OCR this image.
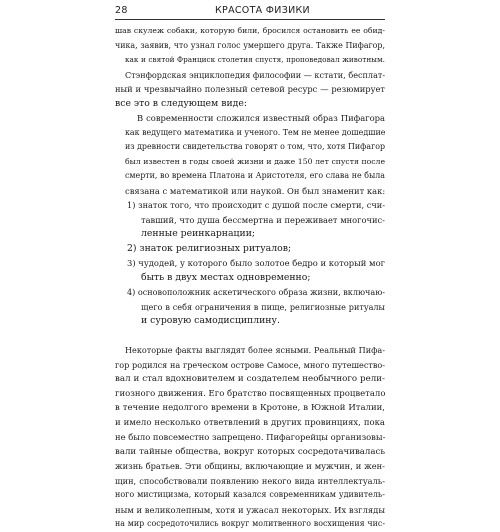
28	КРАСОТА ФИЗИКИ
шав скулеж собаки, которую били, бросился остановить ее обид-
чика, заявив, что узнал голос умершего друга. Также Пифагор,
как и святой Франциск столетия спустя, проповедовал животным.
Стэнфордская энциклопедия философии — кстати, бесплат-
ный и чрезвычайно полезный сетевой ресурс — резюмирует
все это в следующем виде:
В современности сложился известный образ Пифагора
как ведущего математика и ученого. Тем не менее дошедшие
из древности свидетельства говорят о том, что, хотя Пифагор
был известен в годы своей жизни и даже 150 лет спустя после
смерти, во времена Платона и Аристотеля, его слава не была
связана с математикой или наукой. Он был знаменит как:
1) знаток того, что происходит с душой после смерти, счи-
тавший, что душа бессмертна и переживает многочис-
ленные реинкарнации;
2) знаток религиозных ритуалов;
3) чудодей, у которого было золотое бедро и который мог
быть в двух местах одновременно;
4) основоположник аскетического образа жизни, включаю-
щего в себя ограничения в пище, религиозные ритуалы
и суровую самодисциплину.
Некоторые факты выглядят более ясными. Реальный Пифа-
гор родился на греческом острове Самосе, много путешество-
вал и стал вдохновителем и создателем необычного рели-
гиозного движения. Его братство посвященных процветало
в течение недолгого времени в Кротоне, в Южной Италии,
и имело несколько ответвлений в других провинциях, пока
не было повсеместно запрещено. Пифагорейцы организовы-
вали тайные общества, вокруг которых сосредотачивалась
жизнь братьев. Эти общины, включающие и мужчин, и жен-
щин, способствовали появлению некого вида интеллектуаль-
ного мистицизма, который казался современникам удивитель-
ным и великолепным, хотя и ужасал некоторых. Их взгляды
на мир сосредоточились вокруг молитвенного восхищения чис-
